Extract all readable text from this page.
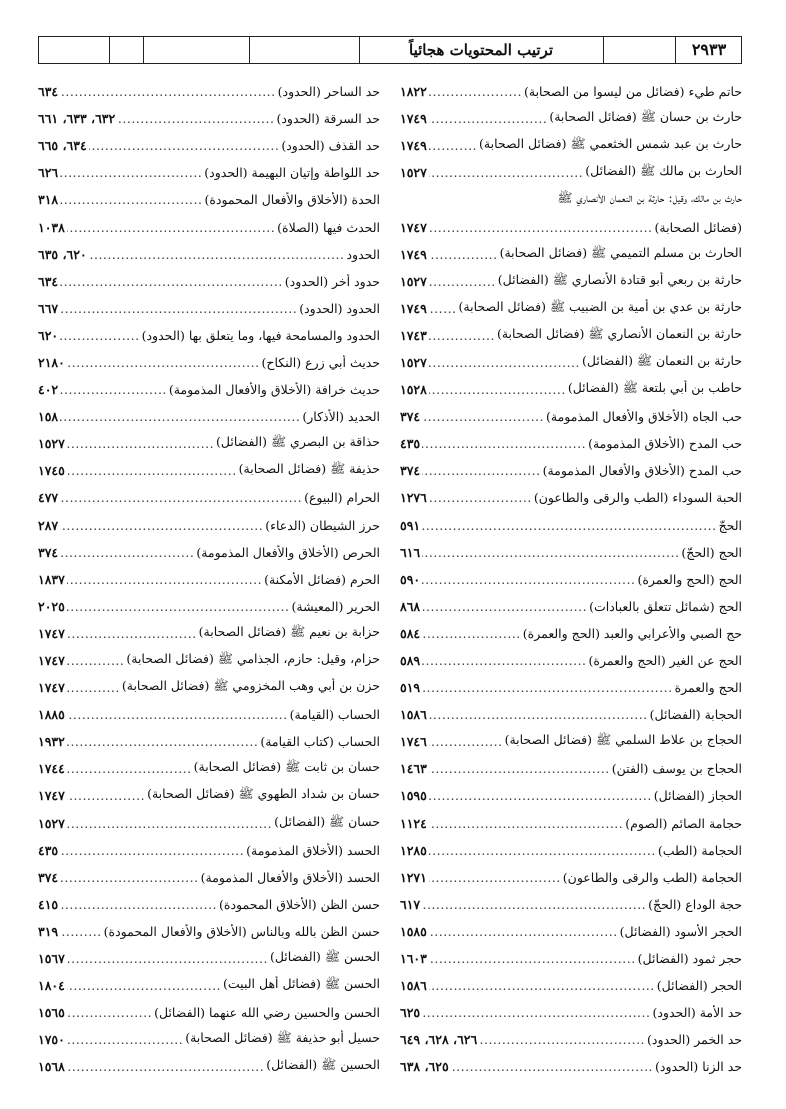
ترتيب المحتويات هجائياً	٢٩٣٣
حاتم طيء (فضائل من ليسوا من الصحابة)
.....
١٨٢٢
حارث بن حسان ﷺ (فضائل الصحابة)
.....
١٧٤٩
حارث بن عبد شمس الخثعمي ﷺ (فضائل الصحابة)
.....
١٧٤٩
الحارث بن مالك ﷺ (الفضائل)
.....
١٥٢٧
حارث بن مالك، وقيل: حارثة بن النعمان الأنصاري ﷺ
(فضائل الصحابة)
.....
١٧٤٧
الحارث بن مسلم التميمي ﷺ (فضائل الصحابة)
.....
١٧٤٩
حارثة بن ربعي أبو قتادة الأنصاري ﷺ (الفضائل)
.....
١٥٢٧
حارثة بن عدي بن أمية بن الضبيب ﷺ (فضائل الصحابة)
.....
١٧٤٩
حارثة بن النعمان الأنصاري ﷺ (فضائل الصحابة)
.....
١٧٤٣
حارثة بن النعمان ﷺ (الفضائل)
.....
١٥٢٧
حاطب بن أبي بلتعة ﷺ (الفضائل)
.....
١٥٢٨
حب الجاه (الأخلاق والأفعال المذمومة)
.....
٣٧٤
حب المدح (الأخلاق المذمومة)
.....
٤٣٥
حب المدح (الأخلاق والأفعال المذمومة)
.....
٣٧٤
الحبة السوداء (الطب والرقى والطاعون)
.....
١٢٧٦
الحجّ
.....
٥٩١
الحج (الحجّ)
.....
٦١٦
الحج (الحج والعمرة)
.....
٥٩٠
الحج (شمائل تتعلق بالعبادات)
.....
٨٦٨
حج الصبي والأعرابي والعبد (الحج والعمرة)
.....
٥٨٤
الحج عن الغير (الحج والعمرة)
.....
٥٨٩
الحج والعمرة
.....
٥١٩
الحجابة (الفضائل)
.....
١٥٨٦
الحجاج بن علاط السلمي ﷺ (فضائل الصحابة)
.....
١٧٤٦
الحجاج بن يوسف (الفتن)
.....
١٤٦٣
الحجاز (الفضائل)
.....
١٥٩٥
حجامة الصائم (الصوم)
.....
١١٢٤
الحجامة (الطب)
.....
١٢٨٥
الحجامة (الطب والرقى والطاعون)
.....
١٢٧١
حجة الوداع (الحجّ)
.....
٦١٧
الحجر الأسود (الفضائل)
.....
١٥٨٥
حجر ثمود (الفضائل)
.....
١٦٠٣
الحجر (الفضائل)
.....
١٥٨٦
حد الأمة (الحدود)
.....
٦٢٥
حد الخمر (الحدود)
.....
٦٢٦، ٦٢٨، ٦٤٩
حد الزنا (الحدود)
.....
٦٢٥، ٦٣٨
حد الساحر (الحدود)
.....
٦٣٤
حد السرقة (الحدود)
.....
٦٣٢، ٦٣٣، ٦٦١
حد القذف (الحدود)
.....
٦٣٤، ٦٦٥
حد اللواطة وإتيان البهيمة (الحدود)
.....
٦٢٦
الحدة (الأخلاق والأفعال المحمودة)
.....
٣١٨
الحدث فيها (الصلاة)
.....
١٠٣٨
الحدود
.....
٦٢٠، ٦٣٥
حدود أخر (الحدود)
.....
٦٣٤
الحدود (الحدود)
.....
٦٦٧
الحدود والمسامحة فيها، وما يتعلق بها (الحدود)
.....
٦٢٠
حديث أبي زرع (النكاح)
.....
٢١٨٠
حديث خرافة (الأخلاق والأفعال المذمومة)
.....
٤٠٢
الحديد (الأذكار)
.....
١٥٨
حذاقة بن البصري ﷺ (الفضائل)
.....
١٥٢٧
حذيفة ﷺ (فضائل الصحابة)
.....
١٧٤٥
الحرام (البيوع)
.....
٤٧٧
حرز الشيطان (الدعاء)
.....
٢٨٧
الحرص (الأخلاق والأفعال المذمومة)
.....
٣٧٤
الحرم (فضائل الأمكنة)
.....
١٨٣٧
الحرير (المعيشة)
.....
٢٠٢٥
حزابة بن نعيم ﷺ (فضائل الصحابة)
.....
١٧٤٧
حزام، وقيل: حازم، الجذامي ﷺ (فضائل الصحابة)
.....
١٧٤٧
حزن بن أبي وهب المخزومي ﷺ (فضائل الصحابة)
.....
١٧٤٧
الحساب (القيامة)
.....
١٨٨٥
الحساب (كتاب القيامة)
.....
١٩٣٢
حسان بن ثابت ﷺ (فضائل الصحابة)
.....
١٧٤٤
حسان بن شداد الطهوي ﷺ (فضائل الصحابة)
.....
١٧٤٧
حسان ﷺ (الفضائل)
.....
١٥٢٧
الحسد (الأخلاق المذمومة)
.....
٤٣٥
الحسد (الأخلاق والأفعال المذمومة)
.....
٣٧٤
حسن الظن (الأخلاق المحمودة)
.....
٤١٥
حسن الظن بالله وبالناس (الأخلاق والأفعال المحمودة)
.....
٣١٩
الحسن ﷺ (الفضائل)
.....
١٥٦٧
الحسن ﷺ (فضائل أهل البيت)
.....
١٨٠٤
الحسن والحسين رضي الله عنهما (الفضائل)
.....
١٥٦٥
حسيل أبو حذيفة ﷺ (فضائل الصحابة)
.....
١٧٥٠
الحسين ﷺ (الفضائل)
.....
١٥٦٨
